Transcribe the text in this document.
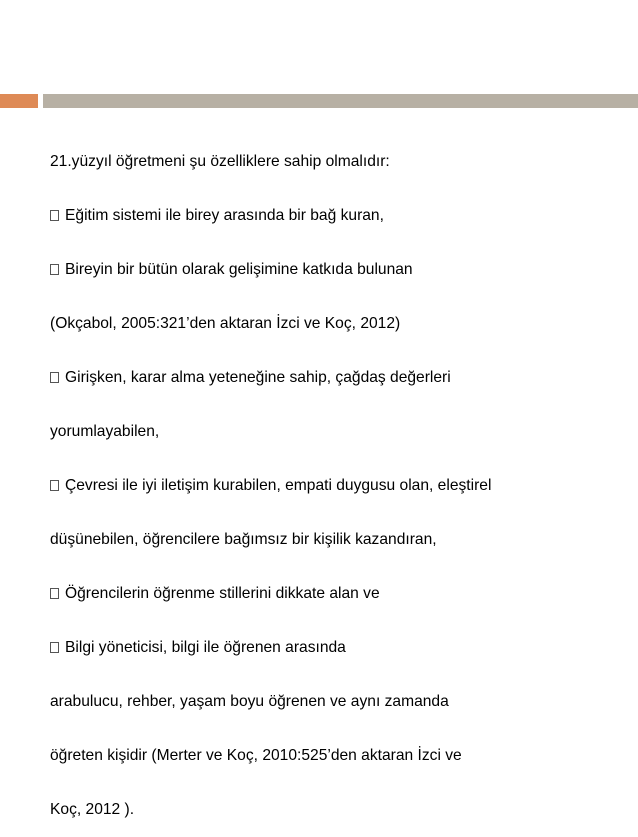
21.yüzyıl öğretmeni şu özelliklere sahip olmalıdır:

Eğitim sistemi ile birey arasında bir bağ kuran,

Bireyin bir bütün olarak gelişimine katkıda bulunan

(Okçabol, 2005:321’den aktaran İzci ve Koç, 2012)

Girişken, karar alma yeteneğine sahip, çağdaş değerleri

yorumlayabilen,

Çevresi ile iyi iletişim kurabilen, empati duygusu olan, eleştirel

düşünebilen, öğrencilere bağımsız bir kişilik kazandıran,

Öğrencilerin öğrenme stillerini dikkate alan ve

Bilgi yöneticisi, bilgi ile öğrenen arasında

arabulucu, rehber, yaşam boyu öğrenen ve aynı zamanda

öğreten kişidir (Merter ve Koç, 2010:525’den aktaran İzci ve

Koç, 2012 ).
